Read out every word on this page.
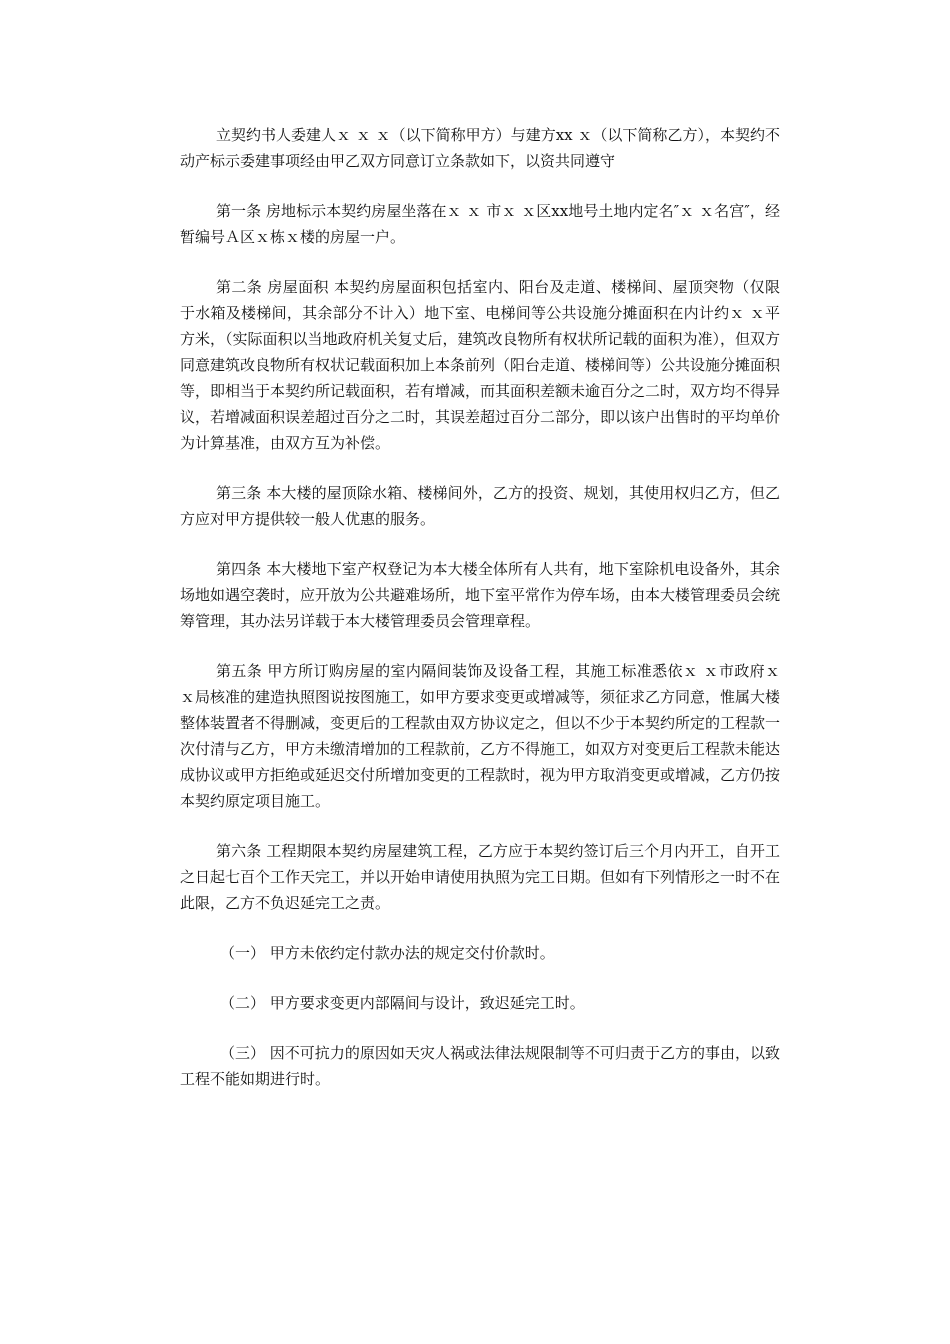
立契约书人委建人ｘ ｘ ｘ（以下简称甲方）与建方xx ｘ（以下简称乙方），本契约不动产标示委建事项经由甲乙双方同意订立条款如下，以资共同遵守

第一条 房地标示本契约房屋坐落在ｘ ｘ 市ｘ ｘ区xx地号土地内定名″ｘ ｘ名宫″，经暂编号Ａ区ｘ栋ｘ楼的房屋一户。

第二条 房屋面积 本契约房屋面积包括室内、阳台及走道、楼梯间、屋顶突物（仅限于水箱及楼梯间，其余部分不计入）地下室、电梯间等公共设施分摊面积在内计约ｘ ｘ平方米，（实际面积以当地政府机关复丈后，建筑改良物所有权状所记载的面积为准），但双方同意建筑改良物所有权状记载面积加上本条前列（阳台走道、楼梯间等）公共设施分摊面积等，即相当于本契约所记载面积，若有增减，而其面积差额未逾百分之二时，双方均不得异议，若增减面积误差超过百分之二时，其误差超过百分二部分，即以该户出售时的平均单价为计算基准，由双方互为补偿。

第三条 本大楼的屋顶除水箱、楼梯间外，乙方的投资、规划，其使用权归乙方，但乙方应对甲方提供较一般人优惠的服务。

第四条 本大楼地下室产权登记为本大楼全体所有人共有，地下室除机电设备外，其余场地如遇空袭时，应开放为公共避难场所，地下室平常作为停车场，由本大楼管理委员会统筹管理，其办法另详载于本大楼管理委员会管理章程。

第五条 甲方所订购房屋的室内隔间装饰及设备工程，其施工标准悉依ｘ ｘ市政府ｘ ｘ局核准的建造执照图说按图施工，如甲方要求变更或增减等，须征求乙方同意，惟属大楼整体装置者不得删减，变更后的工程款由双方协议定之，但以不少于本契约所定的工程款一次付清与乙方，甲方未缴清增加的工程款前，乙方不得施工，如双方对变更后工程款未能达成协议或甲方拒绝或延迟交付所增加变更的工程款时，视为甲方取消变更或增减，乙方仍按本契约原定项目施工。

第六条 工程期限本契约房屋建筑工程，乙方应于本契约签订后三个月内开工，自开工之日起七百个工作天完工，并以开始申请使用执照为完工日期。但如有下列情形之一时不在此限，乙方不负迟延完工之责。

（一） 甲方未依约定付款办法的规定交付价款时。

（二） 甲方要求变更内部隔间与设计，致迟延完工时。

（三） 因不可抗力的原因如天灾人祸或法律法规限制等不可归责于乙方的事由，以致工程不能如期进行时。
